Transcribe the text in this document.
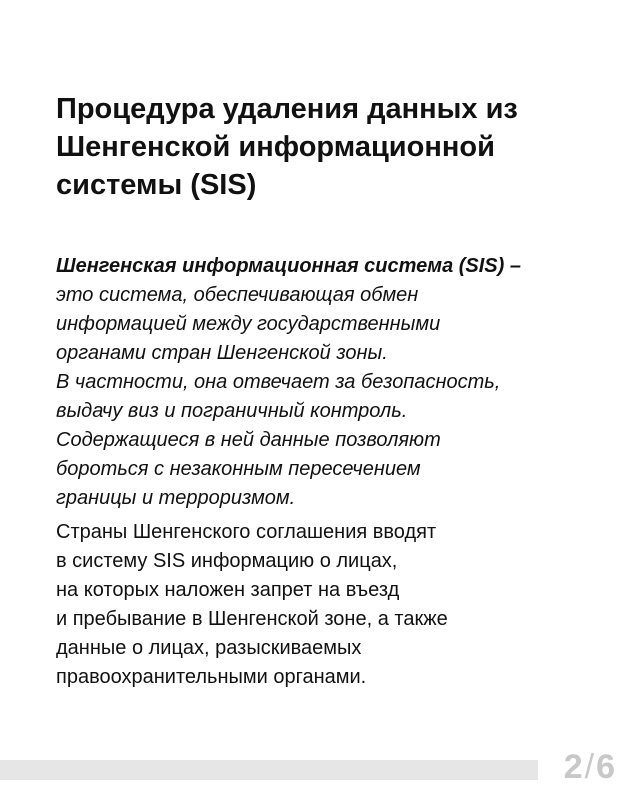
Процедура удаления данных из
Шенгенской информационной
системы (SIS)

Шенгенская информационная система (SIS) –
это система, обеспечивающая обмен
информацией между государственными
органами стран Шенгенской зоны.
В частности, она отвечает за безопасность,
выдачу виз и пограничный контроль.
Содержащиеся в ней данные позволяют
бороться с незаконным пересечением
границы и терроризмом.

Страны Шенгенского соглашения вводят
в систему SIS информацию о лицах,
на которых наложен запрет на въезд
и пребывание в Шенгенской зоне, а также
данные о лицах, разыскиваемых
правоохранительными органами.

2/6
